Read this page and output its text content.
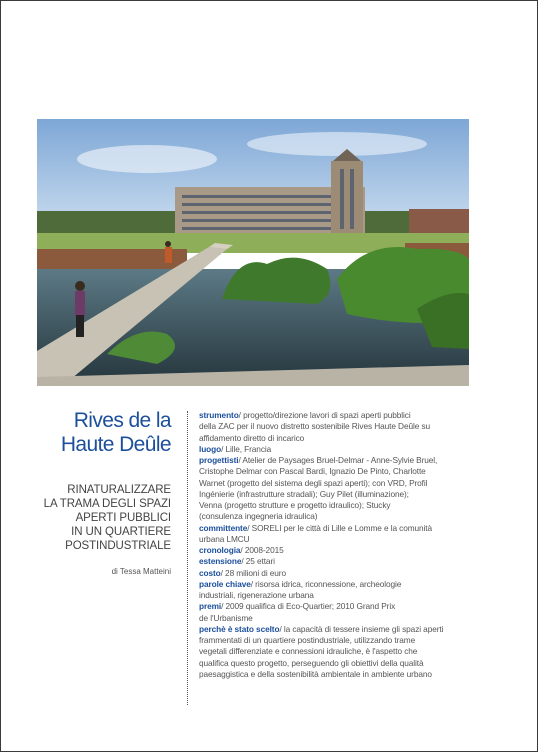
Rives de la
Haute Deûle
RINATURALIZZARE
LA TRAMA DEGLI SPAZI
APERTI PUBBLICI
IN UN QUARTIERE
POSTINDUSTRIALE
di Tessa Matteini
strumento/ progetto/direzione lavori di spazi aperti pubblici
della ZAC per il nuovo distretto sostenibile Rives Haute Deûle su
affidamento diretto di incarico
luogo/ Lille, Francia
progettisti/ Atelier de Paysages Bruel-Delmar - Anne-Sylvie Bruel,
Cristophe Delmar con Pascal Bardi, Ignazio De Pinto, Charlotte
Warnet (progetto del sistema degli spazi aperti); con VRD, Profil
Ingénierie (infrastrutture stradali); Guy Pilet (illuminazione);
Venna (progetto strutture e progetto idraulico); Stucky
(consulenza ingegneria idraulica)
committente/ SORELI per le città di Lille e Lomme e la comunità
urbana LMCU
cronologia/ 2008-2015
estensione/ 25 ettari
costo/ 28 milioni di euro
parole chiave/ risorsa idrica, riconnessione, archeologie
industriali, rigenerazione urbana
premi/ 2009 qualifica di Eco-Quartier; 2010 Grand Prix
de l'Urbanisme
perchè è stato scelto/ la capacità di tessere insieme gli spazi aperti
frammentati di un quartiere postindustriale, utilizzando trame
vegetali differenziate e connessioni idrauliche, è l'aspetto che
qualifica questo progetto, perseguendo gli obiettivi della qualità
paesaggistica e della sostenibilità ambientale in ambiente urbano
